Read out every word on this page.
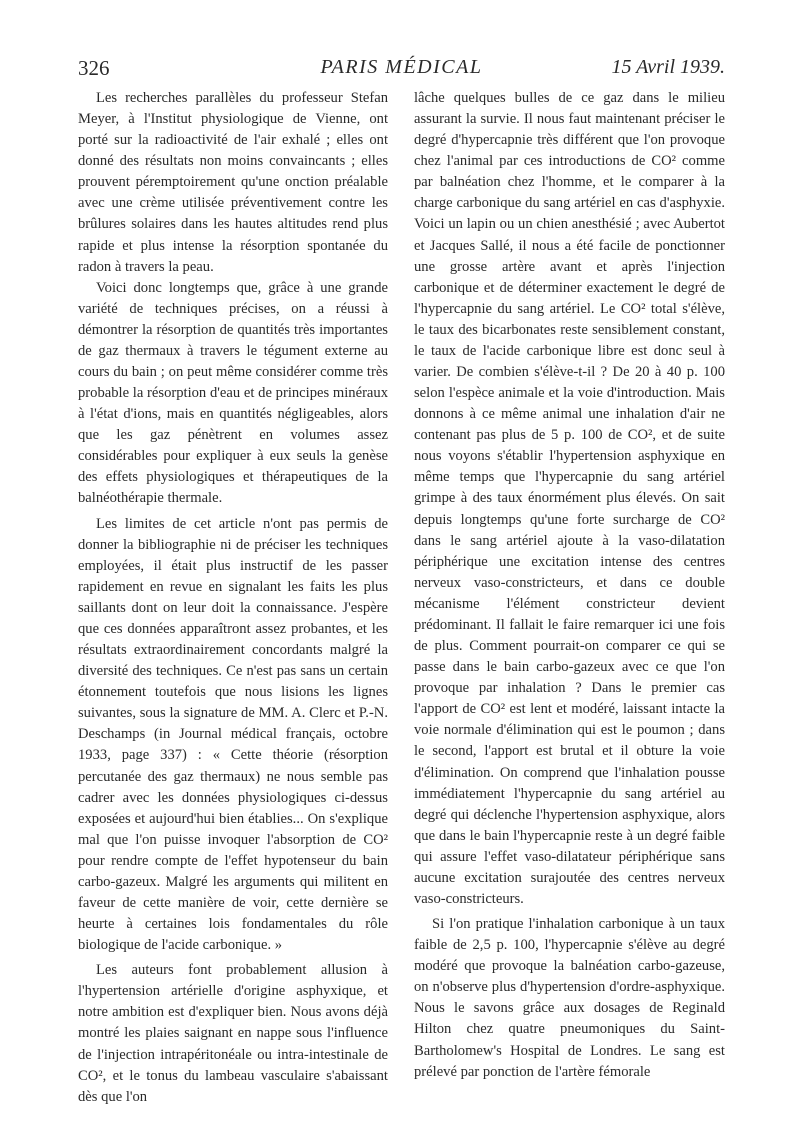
326	PARIS MÉDICAL	15 Avril 1939.

Les recherches parallèles du professeur Stefan Meyer, à l'Institut physiologique de Vienne, ont porté sur la radioactivité de l'air exhalé ; elles ont donné des résultats non moins convaincants ; elles prouvent péremptoirement qu'une onction préalable avec une crème utilisée préventivement contre les brûlures solaires dans les hautes altitudes rend plus rapide et plus intense la résorption spontanée du radon à travers la peau.

Voici donc longtemps que, grâce à une grande variété de techniques précises, on a réussi à démontrer la résorption de quantités très importantes de gaz thermaux à travers le tégument externe au cours du bain ; on peut même considérer comme très probable la résorption d'eau et de principes minéraux à l'état d'ions, mais en quantités négligeables, alors que les gaz pénètrent en volumes assez considérables pour expliquer à eux seuls la genèse des effets physiologiques et thérapeutiques de la balnéothérapie thermale.

Les limites de cet article n'ont pas permis de donner la bibliographie ni de préciser les techniques employées, il était plus instructif de les passer rapidement en revue en signalant les faits les plus saillants dont on leur doit la connaissance. J'espère que ces données apparaîtront assez probantes, et les résultats extraordinairement concordants malgré la diversité des techniques. Ce n'est pas sans un certain étonnement toutefois que nous lisions les lignes suivantes, sous la signature de MM. A. Clerc et P.-N. Deschamps (in Journal médical français, octobre 1933, page 337) : « Cette théorie (résorption percutanée des gaz thermaux) ne nous semble pas cadrer avec les données physiologiques ci-dessus exposées et aujourd'hui bien établies... On s'explique mal que l'on puisse invoquer l'absorption de CO² pour rendre compte de l'effet hypotenseur du bain carbo-gazeux. Malgré les arguments qui militent en faveur de cette manière de voir, cette dernière se heurte à certaines lois fondamentales du rôle biologique de l'acide carbonique. »

Les auteurs font probablement allusion à l'hypertension artérielle d'origine asphyxique, et notre ambition est d'expliquer bien. Nous avons déjà montré les plaies saignant en nappe sous l'influence de l'injection intrapéritonéale ou intra-intestinale de CO², et le tonus du lambeau vasculaire s'abaissant dès que l'on

lâche quelques bulles de ce gaz dans le milieu assurant la survie. Il nous faut maintenant préciser le degré d'hypercapnie très différent que l'on provoque chez l'animal par ces introductions de CO² comme par balnéation chez l'homme, et le comparer à la charge carbonique du sang artériel en cas d'asphyxie. Voici un lapin ou un chien anesthésié ; avec Aubertot et Jacques Sallé, il nous a été facile de ponctionner une grosse artère avant et après l'injection carbonique et de déterminer exactement le degré de l'hypercapnie du sang artériel. Le CO² total s'élève, le taux des bicarbonates reste sensiblement constant, le taux de l'acide carbonique libre est donc seul à varier. De combien s'élève-t-il ? De 20 à 40 p. 100 selon l'espèce animale et la voie d'introduction. Mais donnons à ce même animal une inhalation d'air ne contenant pas plus de 5 p. 100 de CO², et de suite nous voyons s'établir l'hypertension asphyxique en même temps que l'hypercapnie du sang artériel grimpe à des taux énormément plus élevés. On sait depuis longtemps qu'une forte surcharge de CO² dans le sang artériel ajoute à la vaso-dilatation périphérique une excitation intense des centres nerveux vaso-constricteurs, et dans ce double mécanisme l'élément constricteur devient prédominant. Il fallait le faire remarquer ici une fois de plus. Comment pourrait-on comparer ce qui se passe dans le bain carbo-gazeux avec ce que l'on provoque par inhalation ? Dans le premier cas l'apport de CO² est lent et modéré, laissant intacte la voie normale d'élimination qui est le poumon ; dans le second, l'apport est brutal et il obture la voie d'élimination. On comprend que l'inhalation pousse immédiatement l'hypercapnie du sang artériel au degré qui déclenche l'hypertension asphyxique, alors que dans le bain l'hypercapnie reste à un degré faible qui assure l'effet vaso-dilatateur périphérique sans aucune excitation surajoutée des centres nerveux vaso-constricteurs.

Si l'on pratique l'inhalation carbonique à un taux faible de 2,5 p. 100, l'hypercapnie s'élève au degré modéré que provoque la balnéation carbo-gazeuse, on n'observe plus d'hypertension d'ordre-asphyxique. Nous le savons grâce aux dosages de Reginald Hilton chez quatre pneumoniques du Saint-Bartholomew's Hospital de Londres. Le sang est prélevé par ponction de l'artère fémorale
